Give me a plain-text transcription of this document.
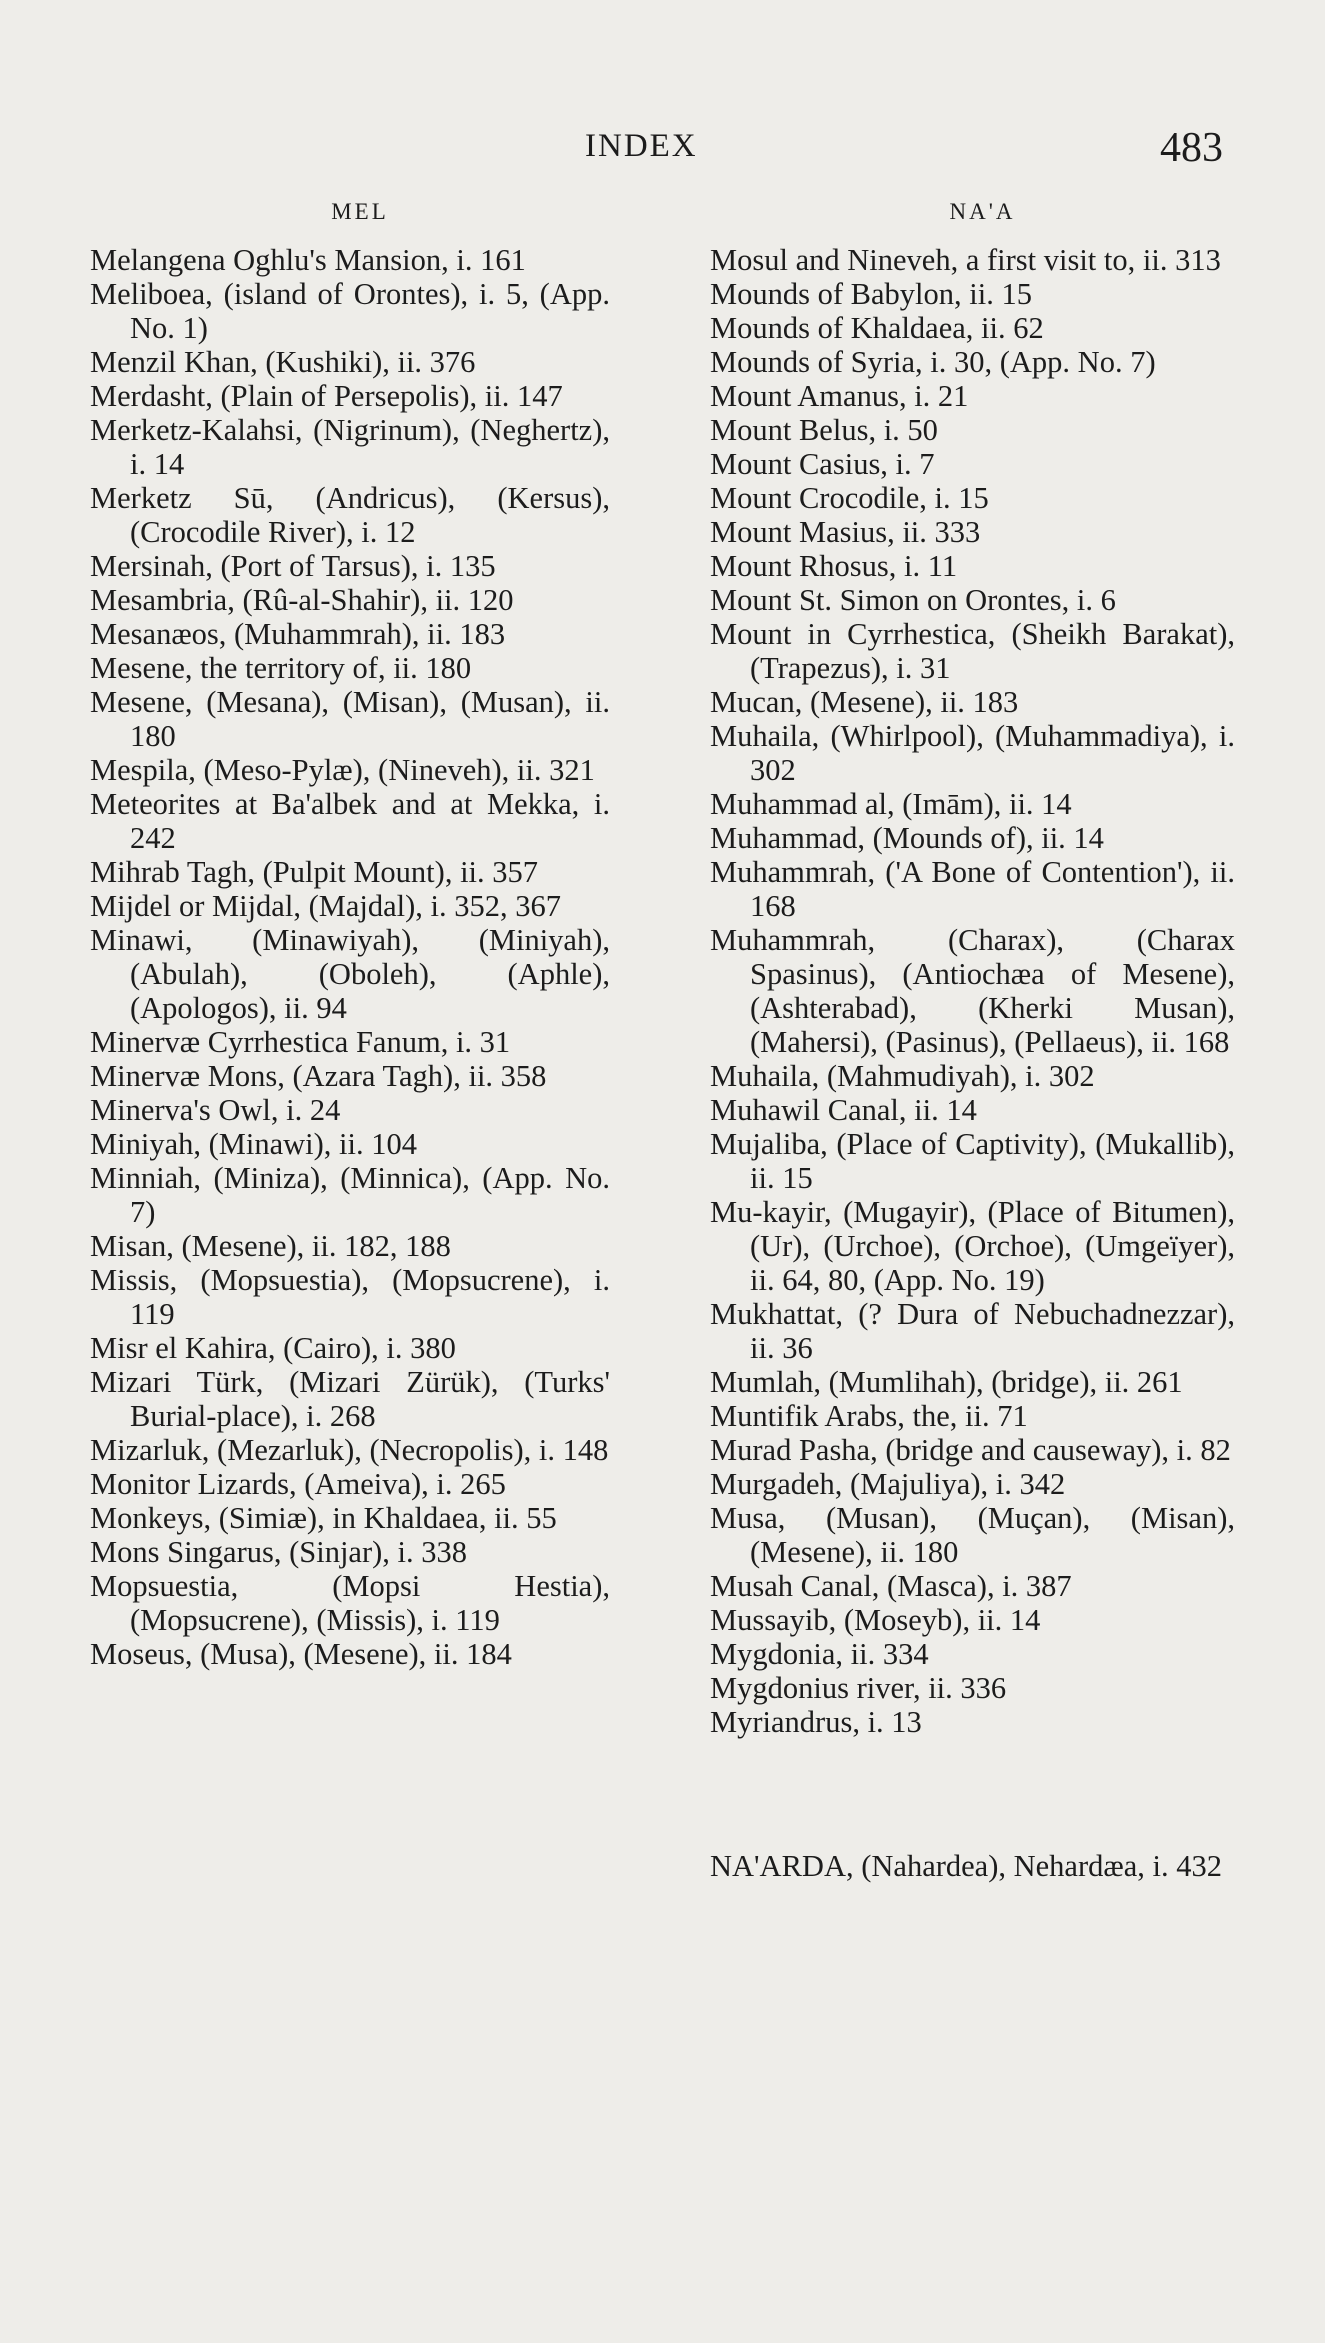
INDEX	483
MEL
Melangena Oghlu's Mansion, i. 161
Meliboea, (island of Orontes), i. 5, (App. No. 1)
Menzil Khan, (Kushiki), ii. 376
Merdasht, (Plain of Persepolis), ii. 147
Merketz-Kalahsi, (Nigrinum), (Neghertz), i. 14
Merketz Sū, (Andricus), (Kersus), (Crocodile River), i. 12
Mersinah, (Port of Tarsus), i. 135
Mesambria, (Rû-al-Shahir), ii. 120
Mesanæos, (Muhammrah), ii. 183
Mesene, the territory of, ii. 180
Mesene, (Mesana), (Misan), (Musan), ii. 180
Mespila, (Meso-Pylæ), (Nineveh), ii. 321
Meteorites at Ba'albek and at Mekka, i. 242
Mihrab Tagh, (Pulpit Mount), ii. 357
Mijdel or Mijdal, (Majdal), i. 352, 367
Minawi, (Minawiyah), (Miniyah), (Abulah), (Oboleh), (Aphle), (Apologos), ii. 94
Minervæ Cyrrhestica Fanum, i. 31
Minervæ Mons, (Azara Tagh), ii. 358
Minerva's Owl, i. 24
Miniyah, (Minawi), ii. 104
Minniah, (Miniza), (Minnica), (App. No. 7)
Misan, (Mesene), ii. 182, 188
Missis, (Mopsuestia), (Mopsucrene), i. 119
Misr el Kahira, (Cairo), i. 380
Mizari Türk, (Mizari Zürük), (Turks' Burial-place), i. 268
Mizarluk, (Mezarluk), (Necropolis), i. 148
Monitor Lizards, (Ameiva), i. 265
Monkeys, (Simiæ), in Khaldaea, ii. 55
Mons Singarus, (Sinjar), i. 338
Mopsuestia, (Mopsi Hestia), (Mopsucrene), (Missis), i. 119
Moseus, (Musa), (Mesene), ii. 184
NA'A
Mosul and Nineveh, a first visit to, ii. 313
Mounds of Babylon, ii. 15
Mounds of Khaldaea, ii. 62
Mounds of Syria, i. 30, (App. No. 7)
Mount Amanus, i. 21
Mount Belus, i. 50
Mount Casius, i. 7
Mount Crocodile, i. 15
Mount Masius, ii. 333
Mount Rhosus, i. 11
Mount St. Simon on Orontes, i. 6
Mount in Cyrrhestica, (Sheikh Barakat), (Trapezus), i. 31
Mucan, (Mesene), ii. 183
Muhaila, (Whirlpool), (Muhammadiya), i. 302
Muhammad al, (Imām), ii. 14
Muhammad, (Mounds of), ii. 14
Muhammrah, ('A Bone of Contention'), ii. 168
Muhammrah, (Charax), (Charax Spasinus), (Antiochæa of Mesene), (Ashterabad), (Kherki Musan), (Mahersi), (Pasinus), (Pellaeus), ii. 168
Muhaila, (Mahmudiyah), i. 302
Muhawil Canal, ii. 14
Mujaliba, (Place of Captivity), (Mukallib), ii. 15
Mu-kayir, (Mugayir), (Place of Bitumen), (Ur), (Urchoe), (Orchoe), (Umgeïyer), ii. 64, 80, (App. No. 19)
Mukhattat, (? Dura of Nebuchadnezzar), ii. 36
Mumlah, (Mumlihah), (bridge), ii. 261
Muntifik Arabs, the, ii. 71
Murad Pasha, (bridge and causeway), i. 82
Murgadeh, (Majuliya), i. 342
Musa, (Musan), (Muçan), (Misan), (Mesene), ii. 180
Musah Canal, (Masca), i. 387
Mussayib, (Moseyb), ii. 14
Mygdonia, ii. 334
Mygdonius river, ii. 336
Myriandrus, i. 13
NA'ARDA, (Nahardea), Nehardæa, i. 432
